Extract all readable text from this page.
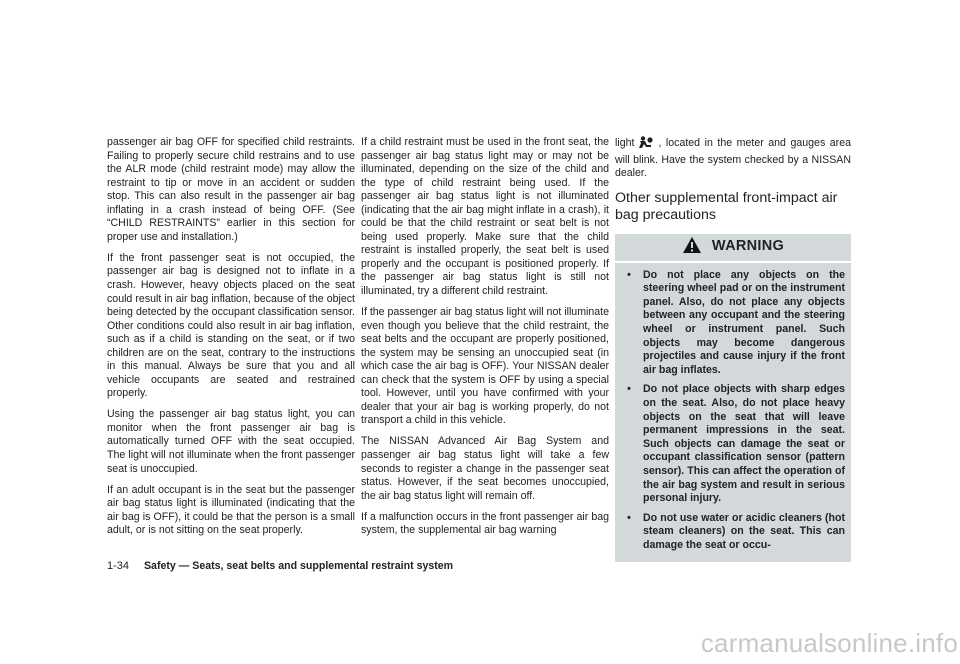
passenger air bag OFF for specified child restraints. Failing to properly secure child restrains and to use the ALR mode (child restraint mode) may allow the restraint to tip or move in an accident or sudden stop. This can also result in the passenger air bag inflating in a crash instead of being OFF. (See “CHILD RESTRAINTS” earlier in this section for proper use and installation.)

If the front passenger seat is not occupied, the passenger air bag is designed not to inflate in a crash. However, heavy objects placed on the seat could result in air bag inflation, because of the object being detected by the occupant classification sensor. Other conditions could also result in air bag inflation, such as if a child is standing on the seat, or if two children are on the seat, contrary to the instructions in this manual. Always be sure that you and all vehicle occupants are seated and restrained properly.

Using the passenger air bag status light, you can monitor when the front passenger air bag is automatically turned OFF with the seat occupied. The light will not illuminate when the front passenger seat is unoccupied.

If an adult occupant is in the seat but the passenger air bag status light is illuminated (indicating that the air bag is OFF), it could be that the person is a small adult, or is not sitting on the seat properly.

If a child restraint must be used in the front seat, the passenger air bag status light may or may not be illuminated, depending on the size of the child and the type of child restraint being used. If the passenger air bag status light is not illuminated (indicating that the air bag might inflate in a crash), it could be that the child restraint or seat belt is not being used properly. Make sure that the child restraint is installed properly, the seat belt is used properly and the occupant is positioned properly. If the passenger air bag status light is still not illuminated, try a different child restraint.

If the passenger air bag status light will not illuminate even though you believe that the child restraint, the seat belts and the occupant are properly positioned, the system may be sensing an unoccupied seat (in which case the air bag is OFF). Your NISSAN dealer can check that the system is OFF by using a special tool. However, until you have confirmed with your dealer that your air bag is working properly, do not transport a child in this vehicle.

The NISSAN Advanced Air Bag System and passenger air bag status light will take a few seconds to register a change in the passenger seat status. However, if the seat becomes unoccupied, the air bag status light will remain off.

If a malfunction occurs in the front passenger air bag system, the supplemental air bag warning

light , located in the meter and gauges area will blink. Have the system checked by a NISSAN dealer.

Other supplemental front-impact air bag precautions
WARNING
•	Do not place any objects on the steering wheel pad or on the instrument panel. Also, do not place any objects between any occupant and the steering wheel or instrument panel. Such objects may become dangerous projectiles and cause injury if the front air bag inflates.
•	Do not place objects with sharp edges on the seat. Also, do not place heavy objects on the seat that will leave permanent impressions in the seat. Such objects can damage the seat or occupant classification sensor (pattern sensor). This can affect the operation of the air bag system and result in serious personal injury.
•	Do not use water or acidic cleaners (hot steam cleaners) on the seat. This can damage the seat or occu-
1-34 Safety — Seats, seat belts and supplemental restraint system
carmanualsonline.info
